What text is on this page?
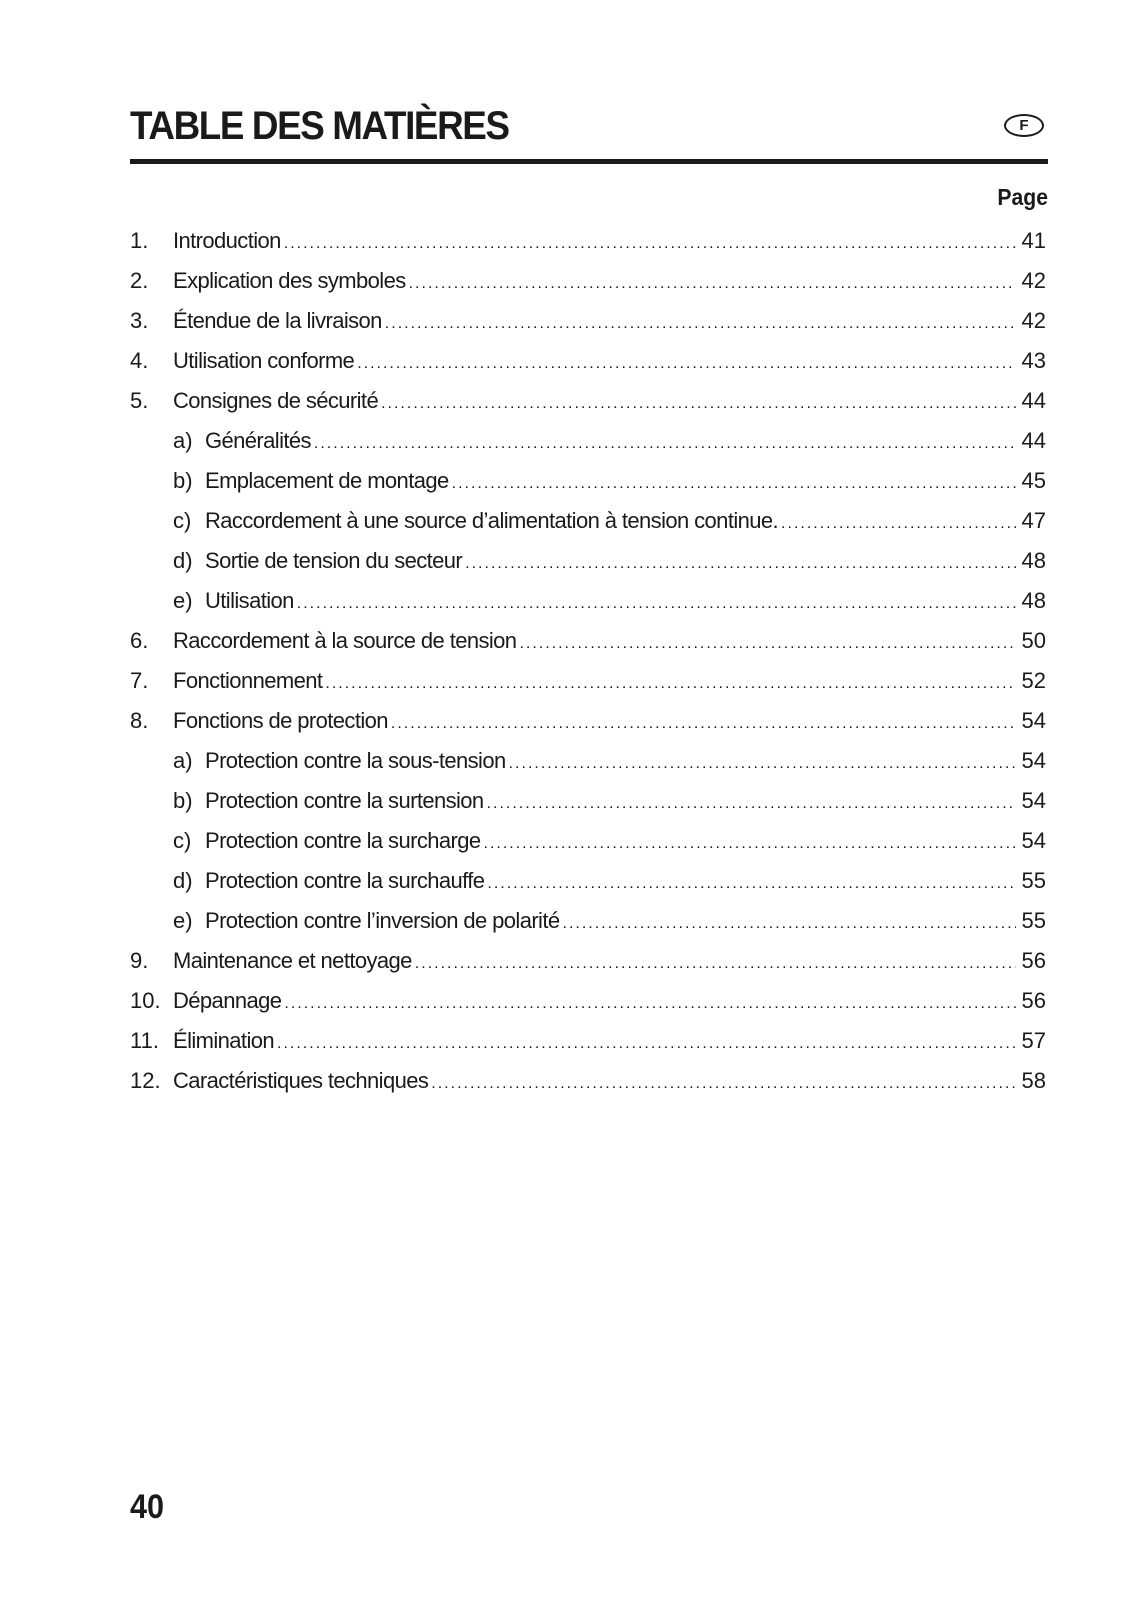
TABLE DES MATIÈRES	F
Page
1.	Introduction .....	41
2.	Explication des symboles .....	42
3.	Étendue de la livraison .....	42
4.	Utilisation conforme .....	43
5.	Consignes de sécurité .....	44
a) Généralités .....	44
b) Emplacement de montage .....	45
c) Raccordement à une source d’alimentation à tension continue. .....	47
d) Sortie de tension du secteur .....	48
e) Utilisation .....	48
6.	Raccordement à la source de tension .....	50
7.	Fonctionnement .....	52
8.	Fonctions de protection .....	54
a) Protection contre la sous-tension .....	54
b) Protection contre la surtension .....	54
c) Protection contre la surcharge .....	54
d) Protection contre la surchauffe .....	55
e) Protection contre l’inversion de polarité .....	55
9.	Maintenance et nettoyage .....	56
10. Dépannage .....	56
11. Élimination .....	57
12. Caractéristiques techniques .....	58
40
